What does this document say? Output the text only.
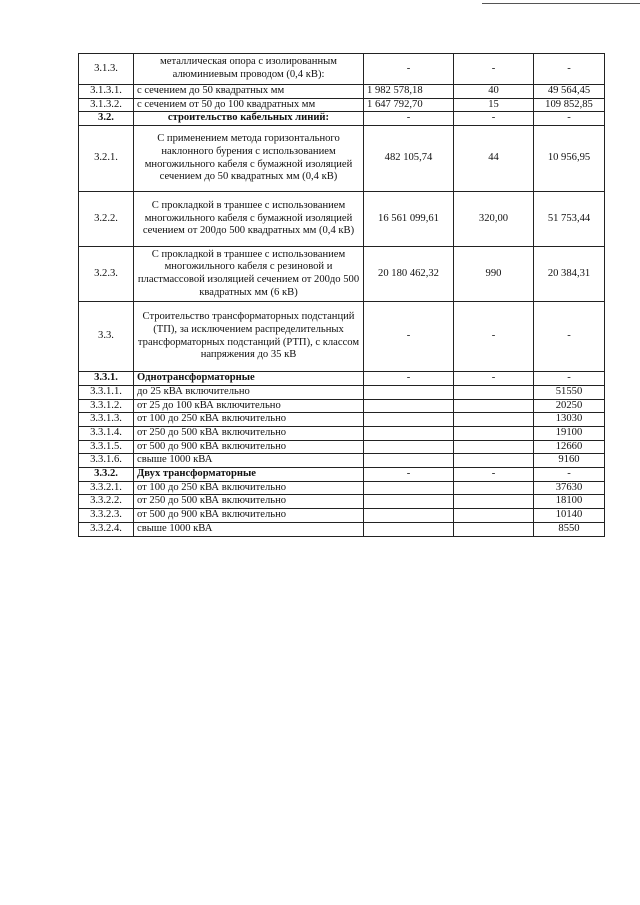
3.1.3.	металлическая опора с изолированным алюминиевым проводом (0,4 кВ):	-	-	-
3.1.3.1.	с сечением до 50 квадратных мм	1 982 578,18	40	49 564,45
3.1.3.2.	с сечением от 50 до 100 квадратных мм	1 647 792,70	15	109 852,85
3.2.	строительство кабельных линий:	-	-	-
3.2.1.	С применением метода горизонтального наклонного бурения с использованием многожильного кабеля с бумажной изоляцией сечением до 50 квадратных мм (0,4 кВ)	482 105,74	44	10 956,95
3.2.2.	С прокладкой в траншее с использованием многожильного кабеля с бумажной изоляцией сечением от 200до 500 квадратных мм (0,4 кВ)	16 561 099,61	320,00	51 753,44
3.2.3.	С прокладкой в траншее с использованием многожильного кабеля с резиновой и пластмассовой изоляцией сечением от 200до 500 квадратных мм (6 кВ)	20 180 462,32	990	20 384,31
3.3.	Строительство трансформаторных подстанций (ТП), за исключением распределительных трансформаторных подстанций (РТП), с классом напряжения до 35 кВ	-	-	-
3.3.1.	Однотрансформаторные	-	-	-
3.3.1.1.	до 25 кВА включительно			51550
3.3.1.2.	от 25 до 100 кВА включительно			20250
3.3.1.3.	от 100 до 250 кВА включительно			13030
3.3.1.4.	от 250 до 500 кВА включительно			19100
3.3.1.5.	от 500 до 900 кВА включительно			12660
3.3.1.6.	свыше 1000 кВА			9160
3.3.2.	Двух трансформаторные	-	-	-
3.3.2.1.	от 100 до 250 кВА включительно			37630
3.3.2.2.	от 250 до 500 кВА включительно			18100
3.3.2.3.	от 500 до 900 кВА включительно			10140
3.3.2.4.	свыше 1000 кВА			8550
